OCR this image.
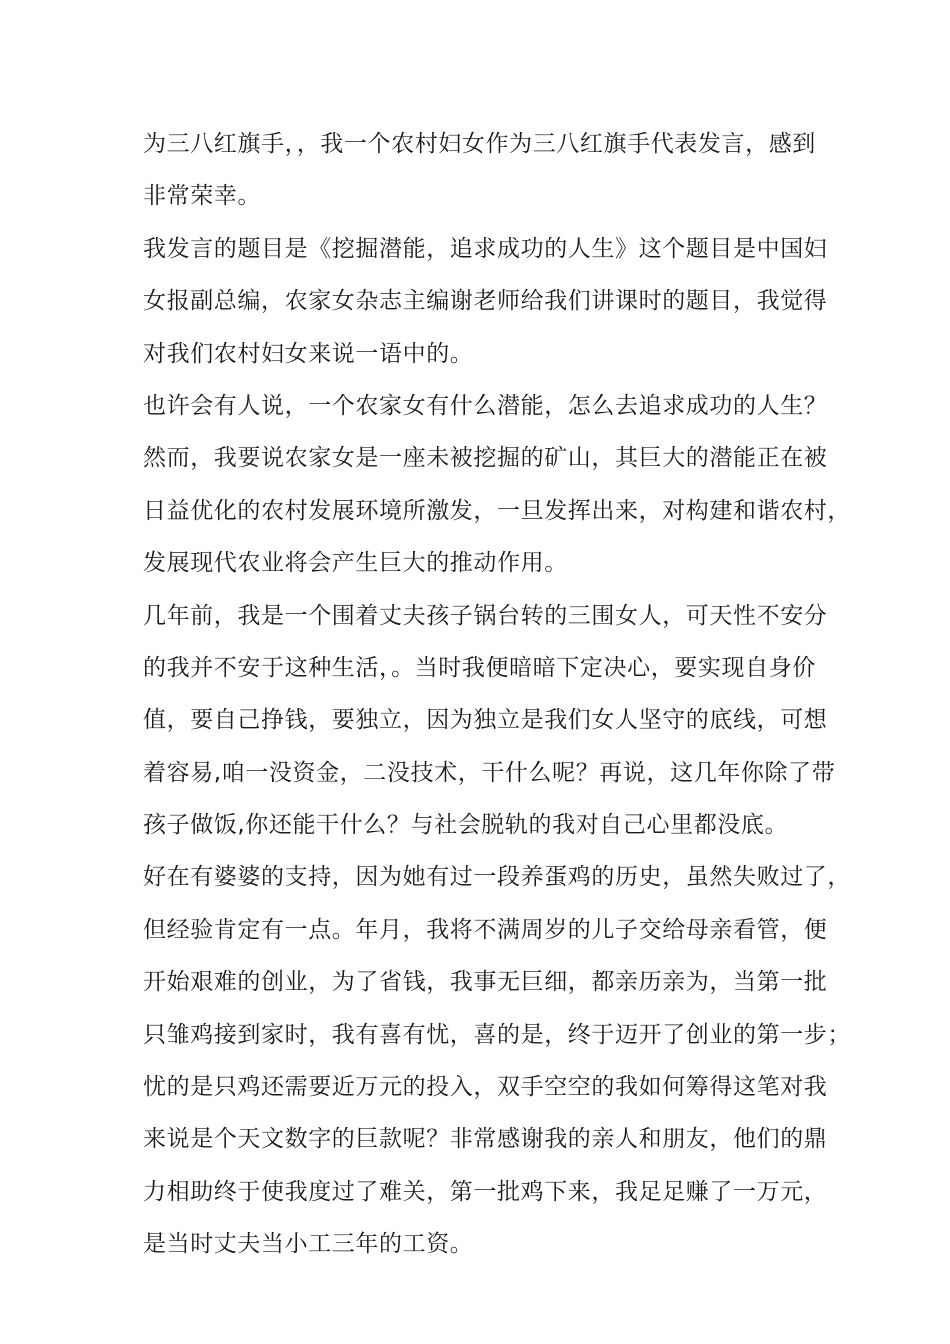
为三八红旗手，，我一个农村妇女作为三八红旗手代表发言，感到
非常荣幸。
我发言的题目是《挖掘潜能，追求成功的人生》这个题目是中国妇
女报副总编，农家女杂志主编谢老师给我们讲课时的题目，我觉得
对我们农村妇女来说一语中的。
也许会有人说，一个农家女有什么潜能，怎么去追求成功的人生？
然而，我要说农家女是一座未被挖掘的矿山，其巨大的潜能正在被
日益优化的农村发展环境所激发，一旦发挥出来，对构建和谐农村，
发展现代农业将会产生巨大的推动作用。
几年前，我是一个围着丈夫孩子锅台转的三围女人，可天性不安分
的我并不安于这种生活，。当时我便暗暗下定决心，要实现自身价
值，要自己挣钱，要独立，因为独立是我们女人坚守的底线，可想
着容易,咱一没资金，二没技术，干什么呢？再说，这几年你除了带
孩子做饭,你还能干什么？与社会脱轨的我对自己心里都没底。
好在有婆婆的支持，因为她有过一段养蛋鸡的历史，虽然失败过了，
但经验肯定有一点。年月，我将不满周岁的儿子交给母亲看管，便
开始艰难的创业，为了省钱，我事无巨细，都亲历亲为，当第一批
只雏鸡接到家时，我有喜有忧，喜的是，终于迈开了创业的第一步；
忧的是只鸡还需要近万元的投入，双手空空的我如何筹得这笔对我
来说是个天文数字的巨款呢？非常感谢我的亲人和朋友，他们的鼎
力相助终于使我度过了难关，第一批鸡下来，我足足赚了一万元，
是当时丈夫当小工三年的工资。
